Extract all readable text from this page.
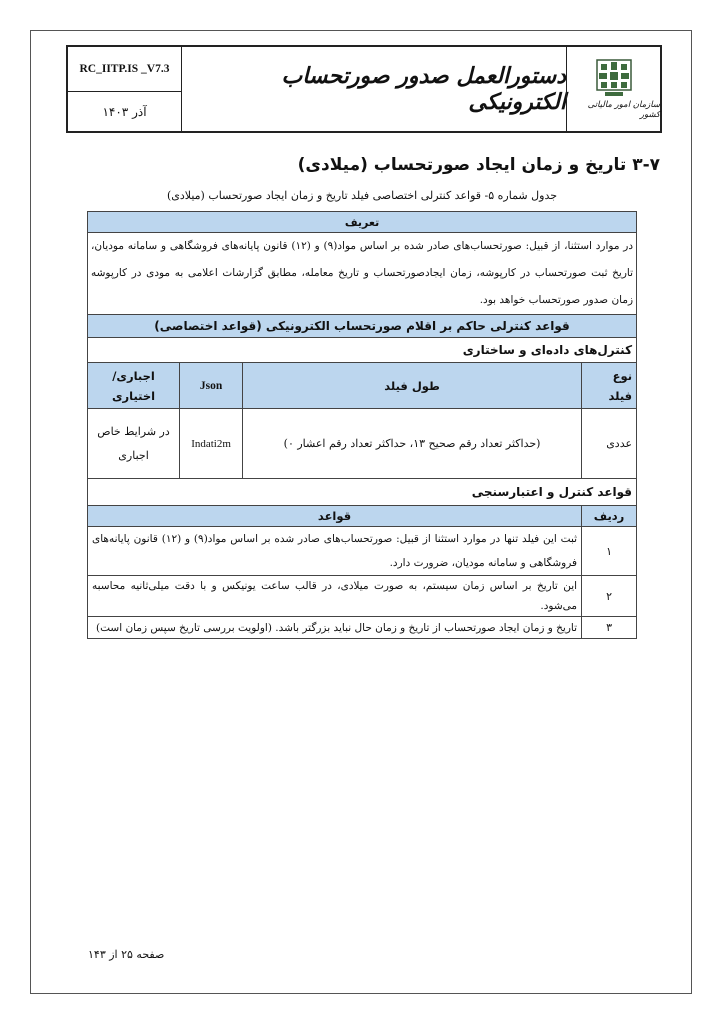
RC_IITP.IS _V7.3
آذر ۱۴۰۳
دستورالعمل صدور صورتحساب الکترونیکی	سازمان امور مالیاتی کشور
۳-۷ تاریخ و زمان ایجاد صورتحساب (میلادی)
جدول شماره ۵- قواعد کنترلی اختصاصی فیلد تاریخ و زمان ایجاد صورتحساب (میلادی)
تعریف			
در موارد استثنا، از قبیل: صورتحساب‌های صادر شده بر اساس مواد(۹) و (۱۲) قانون پایانه‌های فروشگاهی و سامانه مودیان، تاریخ ثبت صورتحساب در کارپوشه، زمان ایجادصورتحساب و تاریخ معامله، مطابق گزارشات اعلامی به مودی در کارپوشه زمان صدور صورتحساب خواهد بود.			
قواعد کنترلی حاکم بر اقلام صورتحساب الکترونیکی (قواعد اختصاصی)			
کنترل‌های داده‌ای و ساختاری			
نوع فیلد	طول فیلد	Json	اجباری/ اختیاری
عددی	(حداکثر تعداد رقم صحیح ۱۳، حداکثر تعداد رقم اعشار ۰)	Indati2m	در شرایط خاص اجباری
قواعد کنترل و اعتبارسنجی			
ردیف	قواعد		
۱	ثبت این فیلد تنها در موارد استثنا از قبیل: صورتحساب‌های صادر شده بر اساس مواد(۹) و (۱۲) قانون پایانه‌های فروشگاهی و سامانه مودیان، ضرورت دارد.		
۲	این تاریخ بر اساس زمان سیستم، به صورت میلادی، در قالب ساعت یونیکس و با دقت میلی‌ثانیه محاسبه می‌شود.		
۳	تاریخ و زمان ایجاد صورتحساب از تاریخ و زمان حال نباید بزرگتر باشد. (اولویت بررسی تاریخ سپس زمان است)		
صفحه ۲۵ از ۱۴۳
